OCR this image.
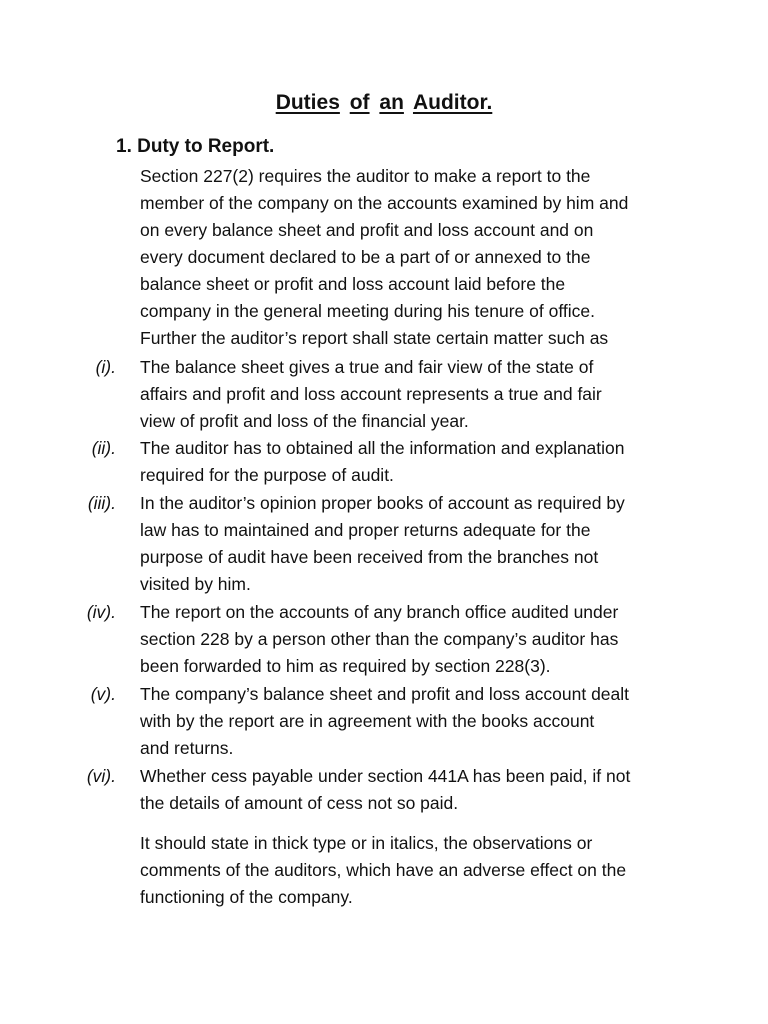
Duties of an Auditor.
1. Duty to Report.
Section 227(2) requires the auditor to make a report to the
member of the company on the accounts examined by him and
on every balance sheet and profit and loss account and on
every document declared to be a part of or annexed to the
balance sheet or profit and loss account laid before the
company in the general meeting during his tenure of office.
Further the auditor’s report shall state certain matter such as
(i). The balance sheet gives a true and fair view of the state of
affairs and profit and loss account represents a true and fair
view of profit and loss of the financial year.
(ii). The auditor has to obtained all the information and explanation
required for the purpose of audit.
(iii). In the auditor’s opinion proper books of account as required by
law has to maintained and proper returns adequate for the
purpose of audit have been received from the branches not
visited by him.
(iv). The report on the accounts of any branch office audited under
section 228 by a person other than the company’s auditor has
been forwarded to him as required by section 228(3).
(v). The company’s balance sheet and profit and loss account dealt
with by the report are in agreement with the books account
and returns.
(vi). Whether cess payable under section 441A has been paid, if not
the details of amount of cess not so paid.
It should state in thick type or in italics, the observations or
comments of the auditors, which have an adverse effect on the
functioning of the company.
